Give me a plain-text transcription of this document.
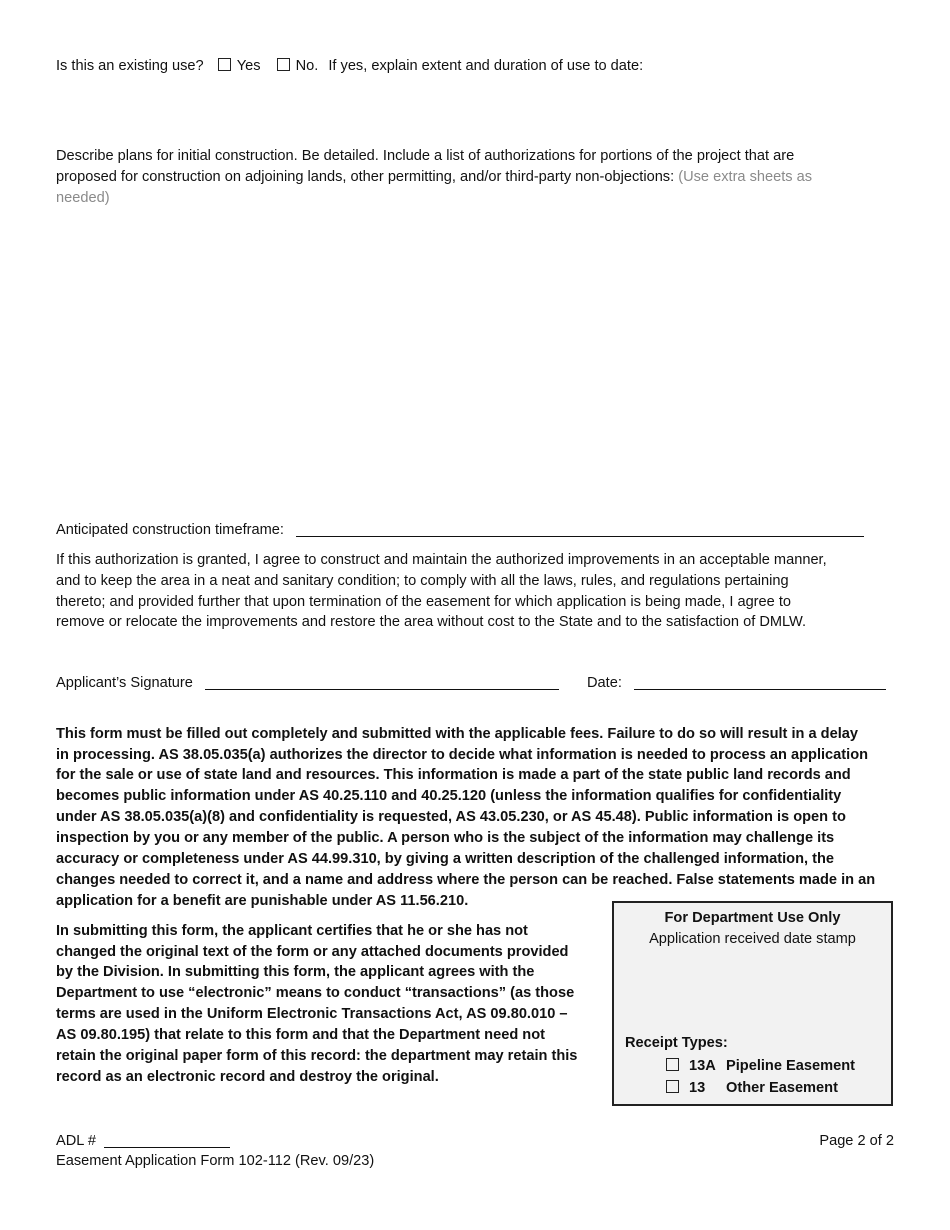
Is this an existing use? Yes No. If yes, explain extent and duration of use to date:
Describe plans for initial construction. Be detailed. Include a list of authorizations for portions of the project that are
proposed for construction on adjoining lands, other permitting, and/or third-party non-objections: (Use extra sheets as
needed)
Anticipated construction timeframe:
If this authorization is granted, I agree to construct and maintain the authorized improvements in an acceptable manner,
and to keep the area in a neat and sanitary condition; to comply with all the laws, rules, and regulations pertaining
thereto; and provided further that upon termination of the easement for which application is being made, I agree to
remove or relocate the improvements and restore the area without cost to the State and to the satisfaction of DMLW.
Applicant’s Signature	Date:
This form must be filled out completely and submitted with the applicable fees. Failure to do so will result in a delay
in processing. AS 38.05.035(a) authorizes the director to decide what information is needed to process an application
for the sale or use of state land and resources. This information is made a part of the state public land records and
becomes public information under AS 40.25.110 and 40.25.120 (unless the information qualifies for confidentiality
under AS 38.05.035(a)(8) and confidentiality is requested, AS 43.05.230, or AS 45.48). Public information is open to
inspection by you or any member of the public. A person who is the subject of the information may challenge its
accuracy or completeness under AS 44.99.310, by giving a written description of the challenged information, the
changes needed to correct it, and a name and address where the person can be reached. False statements made in an
application for a benefit are punishable under AS 11.56.210.
In submitting this form, the applicant certifies that he or she has not
changed the original text of the form or any attached documents provided
by the Division. In submitting this form, the applicant agrees with the
Department to use “electronic” means to conduct “transactions” (as those
terms are used in the Uniform Electronic Transactions Act, AS 09.80.010 –
AS 09.80.195) that relate to this form and that the Department need not
retain the original paper form of this record: the department may retain this
record as an electronic record and destroy the original.
For Department Use Only
Application received date stamp
Receipt Types:
13A Pipeline Easement
13 Other Easement
ADL #
Easement Application Form 102-112 (Rev. 09/23)
Page 2 of 2
